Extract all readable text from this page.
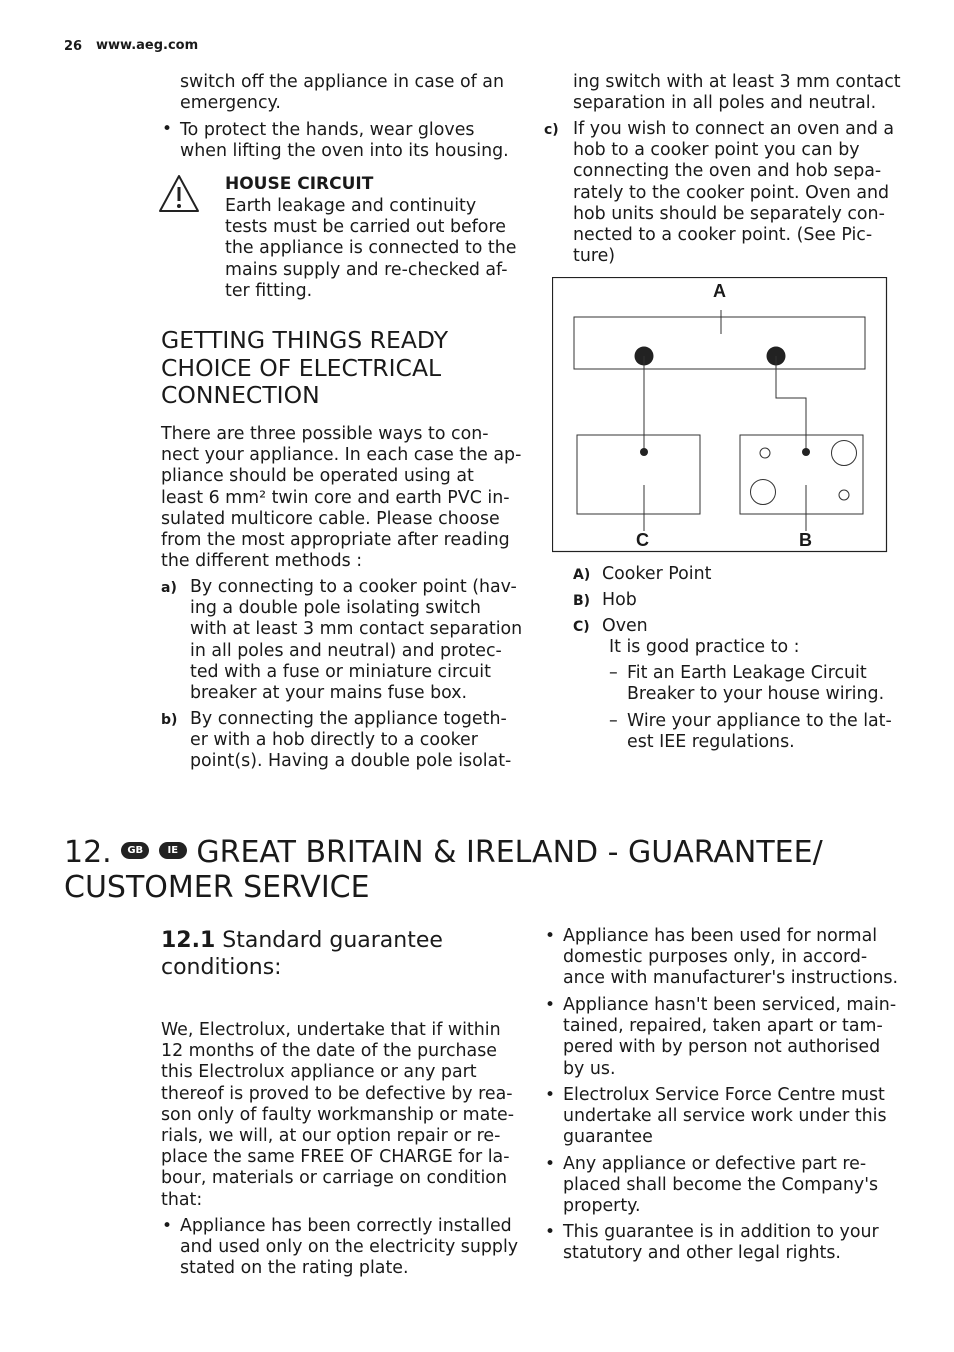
26 www.aeg.com

switch off the appliance in case of an
emergency.

• To protect the hands, wear gloves
when lifting the oven into its housing.

HOUSE CIRCUIT

Earth leakage and continuity
tests must be carried out before
the appliance is connected to the
mains supply and re-checked af-
ter fitting.

GETTING THINGS READY
CHOICE OF ELECTRICAL
CONNECTION

There are three possible ways to con-
nect your appliance. In each case the ap-
pliance should be operated using at
least 6 mm² twin core and earth PVC in-
sulated multicore cable. Please choose
from the most appropriate after reading
the different methods :

a) By connecting to a cooker point (hav-
ing a double pole isolating switch
with at least 3 mm contact separation
in all poles and neutral) and protec-
ted with a fuse or miniature circuit
breaker at your mains fuse box.

b) By connecting the appliance togeth-
er with a hob directly to a cooker
point(s). Having a double pole isolat-

ing switch with at least 3 mm contact
separation in all poles and neutral.

c) If you wish to connect an oven and a
hob to a cooker point you can by
connecting the oven and hob sepa-
rately to the cooker point. Oven and
hob units should be separately con-
nected to a cooker point. (See Pic-
ture)

A
C	B
A) Cooker Point
B) Hob
C) Oven

It is good practice to :

– Fit an Earth Leakage Circuit
Breaker to your house wiring.

– Wire your appliance to the lat-
est IEE regulations.

12. GB IE GREAT BRITAIN & IRELAND - GUARANTEE/
CUSTOMER SERVICE
12.1 Standard guarantee
conditions:

We, Electrolux, undertake that if within
12 months of the date of the purchase
this Electrolux appliance or any part
thereof is proved to be defective by rea-
son only of faulty workmanship or mate-
rials, we will, at our option repair or re-
place the same FREE OF CHARGE for la-
bour, materials or carriage on condition
that:

• Appliance has been correctly installed
and used only on the electricity supply
stated on the rating plate.

• Appliance has been used for normal
domestic purposes only, in accord-
ance with manufacturer's instructions.

• Appliance hasn't been serviced, main-
tained, repaired, taken apart or tam-
pered with by person not authorised
by us.

• Electrolux Service Force Centre must
undertake all service work under this
guarantee

• Any appliance or defective part re-
placed shall become the Company's
property.

• This guarantee is in addition to your
statutory and other legal rights.
